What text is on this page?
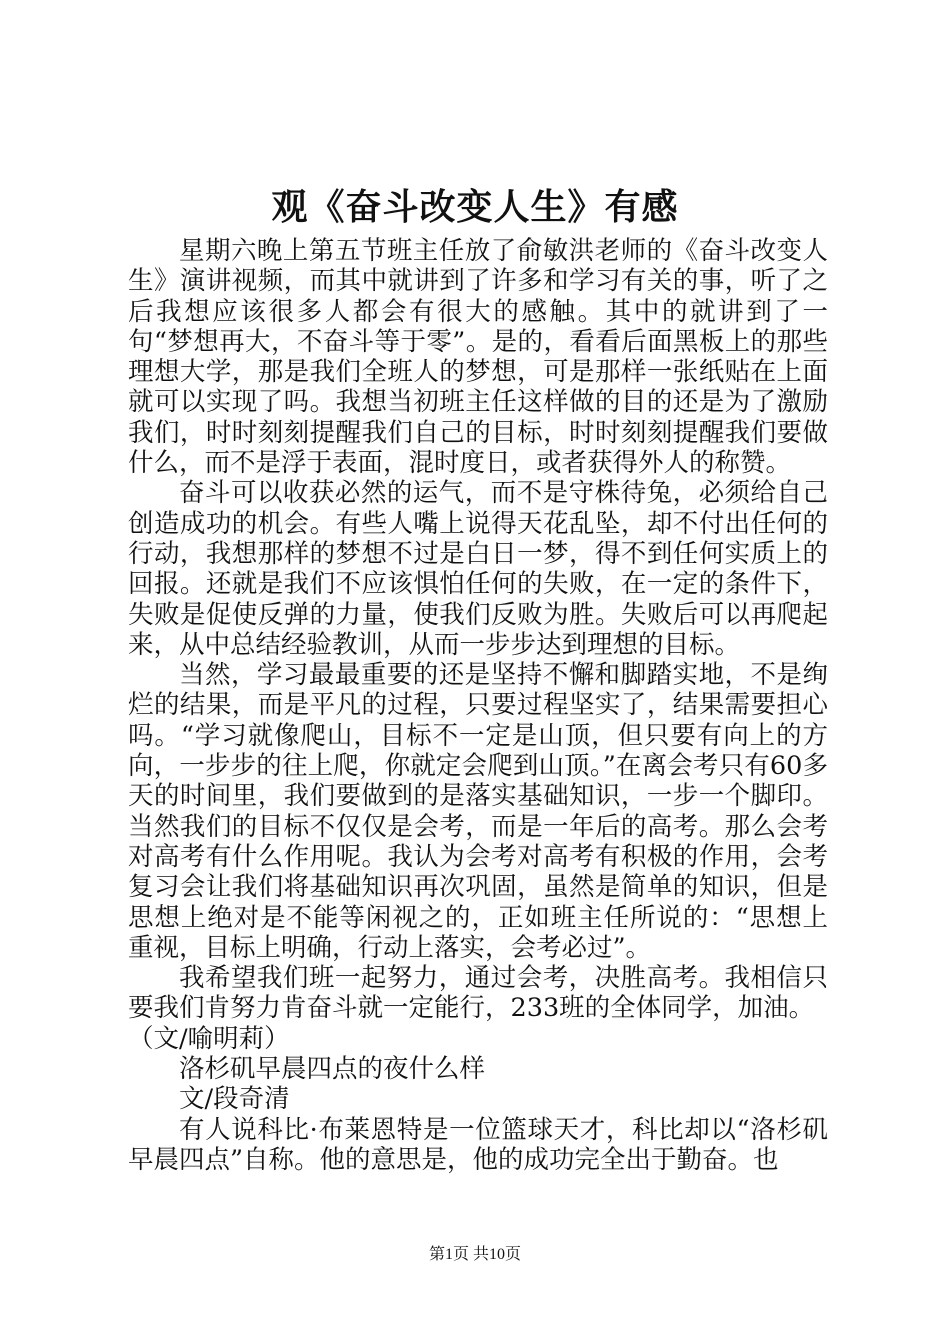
观《奋斗改变人生》有感

星期六晚上第五节班主任放了俞敏洪老师的《奋斗改变人生》演讲视频，而其中就讲到了许多和学习有关的事，听了之后我想应该很多人都会有很大的感触。其中的就讲到了一句“梦想再大，不奋斗等于零”。是的，看看后面黑板上的那些理想大学，那是我们全班人的梦想，可是那样一张纸贴在上面就可以实现了吗。我想当初班主任这样做的目的还是为了激励我们，时时刻刻提醒我们自己的目标，时时刻刻提醒我们要做什么，而不是浮于表面，混时度日，或者获得外人的称赞。

奋斗可以收获必然的运气，而不是守株待兔，必须给自己创造成功的机会。有些人嘴上说得天花乱坠，却不付出任何的行动，我想那样的梦想不过是白日一梦，得不到任何实质上的回报。还就是我们不应该惧怕任何的失败，在一定的条件下，失败是促使反弹的力量，使我们反败为胜。失败后可以再爬起来，从中总结经验教训，从而一步步达到理想的目标。

当然，学习最最重要的还是坚持不懈和脚踏实地，不是绚烂的结果，而是平凡的过程，只要过程坚实了，结果需要担心吗。“学习就像爬山，目标不一定是山顶，但只要有向上的方向，一步步的往上爬，你就定会爬到山顶。”在离会考只有60多天的时间里，我们要做到的是落实基础知识，一步一个脚印。当然我们的目标不仅仅是会考，而是一年后的高考。那么会考对高考有什么作用呢。我认为会考对高考有积极的作用，会考复习会让我们将基础知识再次巩固，虽然是简单的知识，但是思想上绝对是不能等闲视之的，正如班主任所说的：“思想上重视，目标上明确，行动上落实，会考必过”。

我希望我们班一起努力，通过会考，决胜高考。我相信只要我们肯努力肯奋斗就一定能行，233班的全体同学，加油。

（文/喻明莉）

洛杉矶早晨四点的夜什么样

文/段奇清

有人说科比·布莱恩特是一位篮球天才，科比却以“洛杉矶早晨四点”自称。他的意思是，他的成功完全出于勤奋。也

第1页 共10页
